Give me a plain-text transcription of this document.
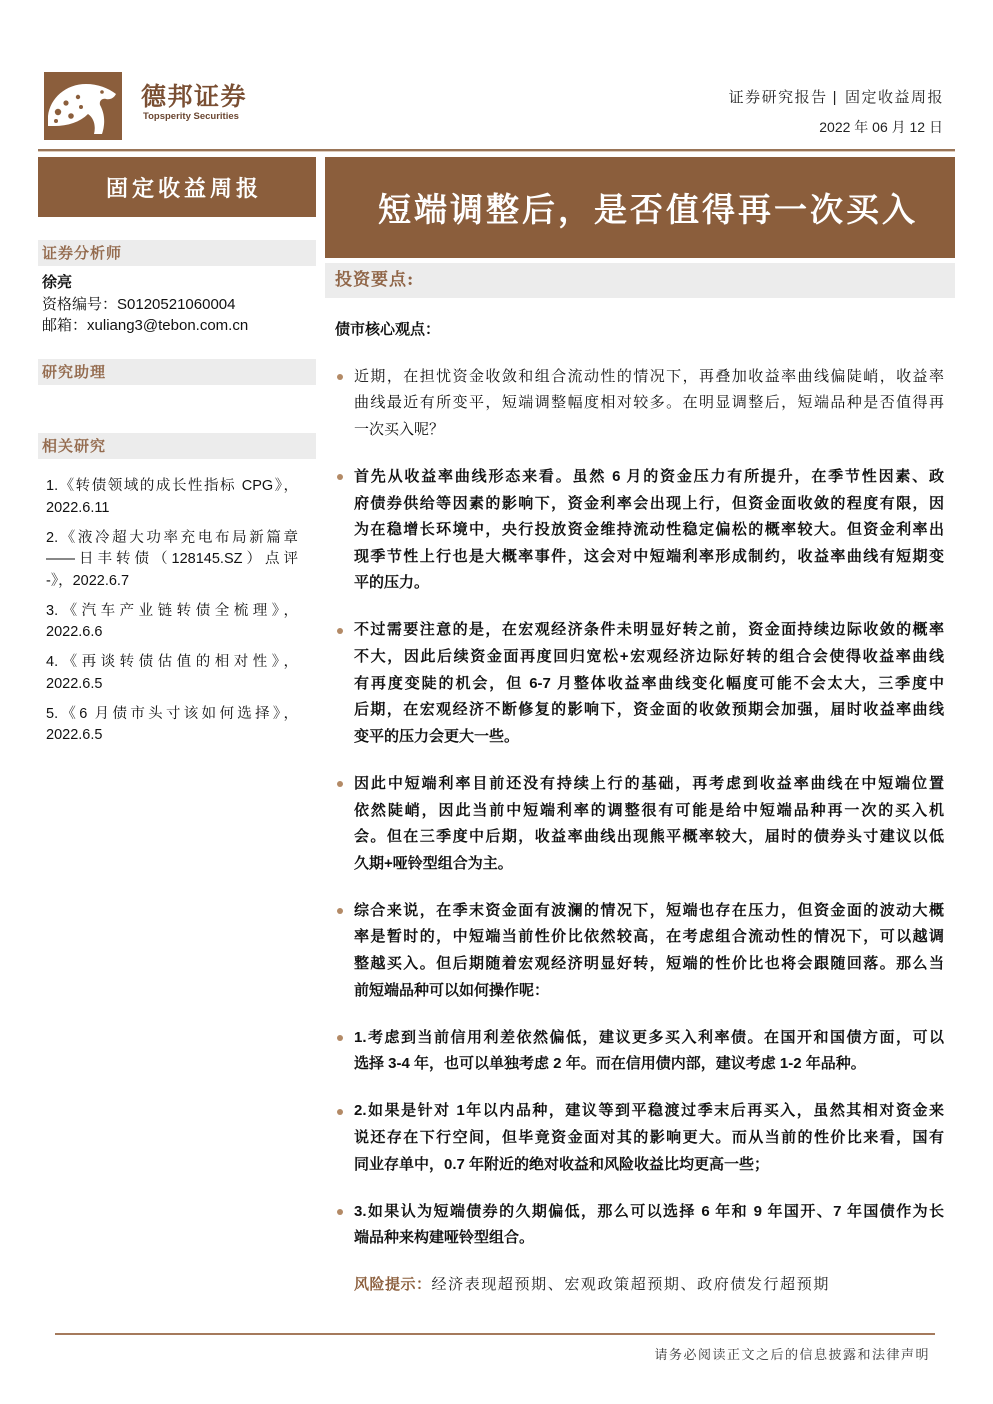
德邦证券
Topsperity Securities
证券研究报告 | 固定收益周报
2022 年 06 月 12 日
固定收益周报
证券分析师
徐亮
资格编号：S0120521060004
邮箱：xuliang3@tebon.com.cn
研究助理
相关研究
1.《转债领域的成长性指标 CPG》，
2022.6.11
2.《液冷超大功率充电布局新篇章
——日丰转债（128145.SZ）点评
-》，2022.6.7
3.《汽车产业链转债全梳理》，
2022.6.6
4.《再谈转债估值的相对性》，
2022.6.5
5.《6 月债市头寸该如何选择》，
2022.6.5
短端调整后，是否值得再一次买入
投资要点:
债市核心观点：
近期，在担忧资金收敛和组合流动性的情况下，再叠加收益率曲线偏陡峭，收益率
曲线最近有所变平，短端调整幅度相对较多。在明显调整后，短端品种是否值得再
一次买入呢？
首先从收益率曲线形态来看。虽然 6 月的资金压力有所提升，在季节性因素、政
府债券供给等因素的影响下，资金利率会出现上行，但资金面收敛的程度有限，因
为在稳增长环境中，央行投放资金维持流动性稳定偏松的概率较大。但资金利率出
现季节性上行也是大概率事件，这会对中短端利率形成制约，收益率曲线有短期变
平的压力。
不过需要注意的是，在宏观经济条件未明显好转之前，资金面持续边际收敛的概率
不大，因此后续资金面再度回归宽松+宏观经济边际好转的组合会使得收益率曲线
有再度变陡的机会，但 6-7 月整体收益率曲线变化幅度可能不会太大，三季度中
后期，在宏观经济不断修复的影响下，资金面的收敛预期会加强，届时收益率曲线
变平的压力会更大一些。
因此中短端利率目前还没有持续上行的基础，再考虑到收益率曲线在中短端位置
依然陡峭，因此当前中短端利率的调整很有可能是给中短端品种再一次的买入机
会。但在三季度中后期，收益率曲线出现熊平概率较大，届时的债券头寸建议以低
久期+哑铃型组合为主。
综合来说，在季末资金面有波澜的情况下，短端也存在压力，但资金面的波动大概
率是暂时的，中短端当前性价比依然较高，在考虑组合流动性的情况下，可以越调
整越买入。但后期随着宏观经济明显好转，短端的性价比也将会跟随回落。那么当
前短端品种可以如何操作呢：
1.考虑到当前信用利差依然偏低，建议更多买入利率债。在国开和国债方面，可以
选择 3-4 年，也可以单独考虑 2 年。而在信用债内部，建议考虑 1-2 年品种。
2.如果是针对 1年以内品种，建议等到平稳渡过季末后再买入，虽然其相对资金来
说还存在下行空间，但毕竟资金面对其的影响更大。而从当前的性价比来看，国有
同业存单中，0.7 年附近的绝对收益和风险收益比均更高一些；
3.如果认为短端债券的久期偏低，那么可以选择 6 年和 9 年国开、7 年国债作为长
端品种来构建哑铃型组合。
风险提示：经济表现超预期、宏观政策超预期、政府债发行超预期
请务必阅读正文之后的信息披露和法律声明
